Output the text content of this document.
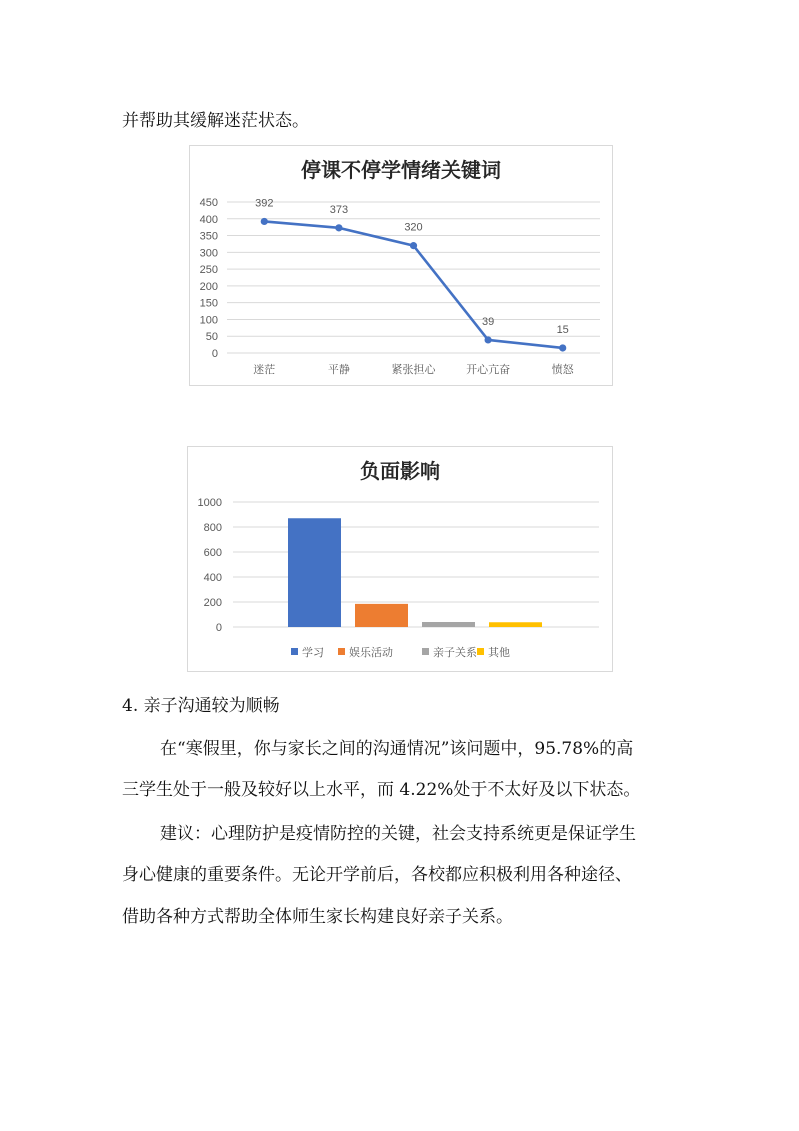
并帮助其缓解迷茫状态。

停课不停学情绪关键词
0
50
100
150
200
250
300
350
400
450
迷茫	平静	紧张担心	开心亢奋	愤怒
392
373
320
39
15
负面影响
0
200
400
600
800
1000
学习 娱乐活动	亲子关系 其他

4. 亲子沟通较为顺畅

在“寒假里，你与家长之间的沟通情况”该问题中，95.78%的高

三学生处于一般及较好以上水平，而 4.22%处于不太好及以下状态。

建议：心理防护是疫情防控的关键，社会支持系统更是保证学生

身心健康的重要条件。无论开学前后，各校都应积极利用各种途径、

借助各种方式帮助全体师生家长构建良好亲子关系。
